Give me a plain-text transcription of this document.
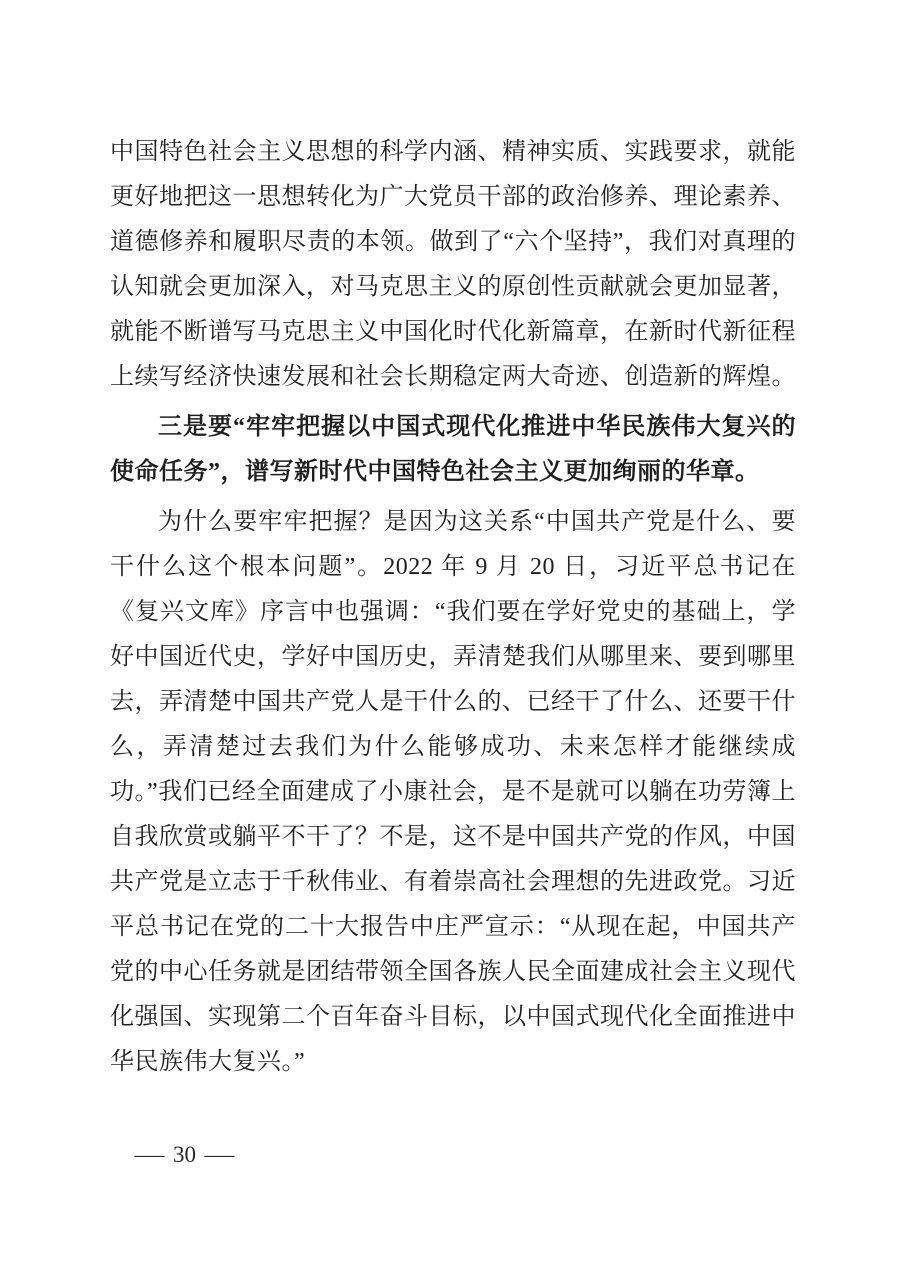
中国特色社会主义思想的科学内涵、精神实质、实践要求，就能更好地把这一思想转化为广大党员干部的政治修养、理论素养、道德修养和履职尽责的本领。做到了“六个坚持”，我们对真理的认知就会更加深入，对马克思主义的原创性贡献就会更加显著，就能不断谱写马克思主义中国化时代化新篇章，在新时代新征程上续写经济快速发展和社会长期稳定两大奇迹、创造新的辉煌。

三是要“牢牢把握以中国式现代化推进中华民族伟大复兴的使命任务”，谱写新时代中国特色社会主义更加绚丽的华章。

为什么要牢牢把握？是因为这关系“中国共产党是什么、要干什么这个根本问题”。2022 年 9 月 20 日，习近平总书记在《复兴文库》序言中也强调：“我们要在学好党史的基础上，学好中国近代史，学好中国历史，弄清楚我们从哪里来、要到哪里去，弄清楚中国共产党人是干什么的、已经干了什么、还要干什么，弄清楚过去我们为什么能够成功、未来怎样才能继续成功。”我们已经全面建成了小康社会，是不是就可以躺在功劳簿上自我欣赏或躺平不干了？不是，这不是中国共产党的作风，中国共产党是立志于千秋伟业、有着崇高社会理想的先进政党。习近平总书记在党的二十大报告中庄严宣示：“从现在起，中国共产党的中心任务就是团结带领全国各族人民全面建成社会主义现代化强国、实现第二个百年奋斗目标，以中国式现代化全面推进中华民族伟大复兴。”

— 30 —
